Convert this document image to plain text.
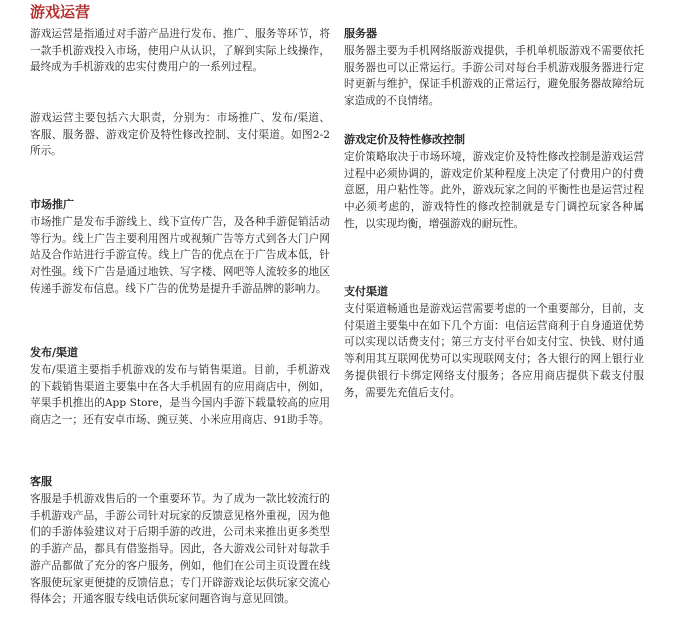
游戏运营

游戏运营是指通过对手游产品进行发布、推广、服务等环节，将一款手机游戏投入市场，使用户从认识，了解到实际上线操作，最终成为手机游戏的忠实付费用户的一系列过程。

游戏运营主要包括六大职责，分别为：市场推广、发布/渠道、客服、服务器、游戏定价及特性修改控制、支付渠道。如图2-2所示。

市场推广

市场推广是发布手游线上、线下宣传广告，及各种手游促销活动等行为。线上广告主要利用图片或视频广告等方式到各大门户网站及合作站进行手游宣传。线上广告的优点在于广告成本低，针对性强。线下广告是通过地铁、写字楼、网吧等人流较多的地区传递手游发布信息。线下广告的优势是提升手游品牌的影响力。

发布/渠道

发布/渠道主要指手机游戏的发布与销售渠道。目前，手机游戏的下载销售渠道主要集中在各大手机固有的应用商店中，例如，苹果手机推出的App Store，是当今国内手游下载量较高的应用商店之一；还有安卓市场、豌豆荚、小米应用商店、91助手等。

客服

客服是手机游戏售后的一个重要环节。为了成为一款比较流行的手机游戏产品，手游公司针对玩家的反馈意见格外重视，因为他们的手游体验建议对于后期手游的改进，公司未来推出更多类型的手游产品，都具有借鉴指导。因此，各大游戏公司针对每款手游产品都做了充分的客户服务，例如，他们在公司主页设置在线客服使玩家更便捷的反馈信息；专门开辟游戏论坛供玩家交流心得体会；开通客服专线电话供玩家问题咨询与意见回馈。

服务器

服务器主要为手机网络版游戏提供，手机单机版游戏不需要依托服务器也可以正常运行。手游公司对每台手机游戏服务器进行定时更新与维护，保证手机游戏的正常运行，避免服务器故障给玩家造成的不良情绪。

游戏定价及特性修改控制

定价策略取决于市场环境，游戏定价及特性修改控制是游戏运营过程中必须协调的，游戏定价某种程度上决定了付费用户的付费意愿，用户粘性等。此外，游戏玩家之间的平衡性也是运营过程中必须考虑的，游戏特性的修改控制就是专门调控玩家各种属性，以实现均衡，增强游戏的耐玩性。

支付渠道

支付渠道畅通也是游戏运营需要考虑的一个重要部分，目前，支付渠道主要集中在如下几个方面：电信运营商利于自身通道优势可以实现以话费支付；第三方支付平台如支付宝、快钱、财付通等利用其互联网优势可以实现联网支付；各大银行的网上银行业务提供银行卡绑定网络支付服务；各应用商店提供下载支付服务，需要先充值后支付。
